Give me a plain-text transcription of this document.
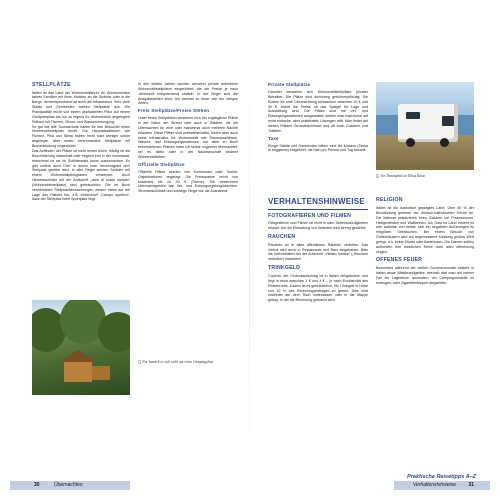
STELLPLÄTZE

Italien ist das Land der Wohnmobilfahrer. An Wochenenden fahren Familien mit ihren Mobilen an die Strände oder in die Berge, dementsprechend ist auch die Infrastruktur. Sehr viele Städte und Gemeinden weisen Stellplätze aus. Die Platzqualität reicht von einem asphaltierten Platz auf einem Großparkplatz bis hin zu eigens für Wohnmobile angelegten Plätzen mit Tischen, Strom- und Wasserversorgung.

So gut wie alle Touristenorte halten für ihre Besucher einen Wohnmobilstellplatz bereit. Die Hauptattraktionen wie Florenz, Pisa und Siena haben mehr oder weniger schon angelegte, aber relativ zentrumsnahe Stellplätze mit Busverbindung eingerichtet.

Das Auffinden der Plätze ist nicht immer leicht. Häufig ist die Beschilderung lückenhaft oder beginnt erst in der Innenstadt, manchmal ist sie im Schilderwald kaum auszumachen. Es gibt zudem auch Orte, in denen man hervorragend zum Stellplatz geleitet wird. In aller Regel werden Schilder mit einem Wohnmobilpiktogramm verwendet. Auch Hinweisschilder mit der Aufschrift „aree di sosta camper“ (Wohnmobilstellplatz) sind gebräuchlich. Die im Buch verwendeten Stellplatzbezeichnungen weisen meist auf die Lage des Platzes hin, z.B. bezeichnet „Campo sportivo“, dass der Stellplatz beim Sportplatz liegt.

In den letzten Jahren wurden vermehrt private betriebene Wohnmobilstellplätze eingerichtet, die die Preise je nach Jahreszeit entsprechend staffeln. In der Regel sind die Ausgabestellen zwei- bis dreimal so teuer wie die übrigen Zeiten.

Freie Stellplätze/Freies Stehen

Unter freien Stellplätzen verstehen sich frei zugängliche Plätze in der Natur, am Strand oder auch in Städten, die ein Übernachten für eine oder manchmal auch mehrere Nächte erlauben. Diese Plätze sind unbewirtschaftet, bieten aber auch keine Infrastruktur für Wohnmobile wie Stromanschlüsse, Wasser- und Entsorgungsstationen. Auf allen im Buch beschriebenen Plätzen habe ich selbst ungestört übernachtet, sei es allein oder in der Nachbarschaft anderer Wohnmobilfahrer.

Offizielle Stellplätze

Offizielle Plätze wurden von Kommunen oder Tourist-Organisationen angelegt. Die Preisspanne reicht von kostenlos bis zu 20 € (Sterne). Sie bezeichnen Übernachtgebühr wie Ver- und Entsorgungsmöglichkeiten, Stromanschlüsse und sonstige Dinge wie die Ausnahme.

▢ Nur handelt es sich wohl um einen Campingplatz
30	Übernachten
Private Stellplätze

Darunter verstehen sich Wohnmobilstellplätze privater Betreiber. Die Plätze sind durchweg gebührenpflichtig. Die Kosten für eine Übernachtung schwanken zwischen 10 € und 30 €, wobei die Preise oft das Spiegel für Lage und Ausstattung sind. Die Plätze sind mit Ver- und Entsorgungsstationen ausgestattet, sieben man manchmal auf recht einfache, aber praktikable Lösungen trifft. Man findet auf diesen Plätzen Stromanschlüsse und oft auch Duschen und Toiletten.

Taxe

Einige Städte und Gemeinden haben eine Art Kurtaxe (Tassa di soggiorno) eingeführt, die man pro Person und Tag bezahlt.

▢ Vor Traumplatz an Elbas Küste
VERHALTENSHINWEISE
FOTOGRAFIEREN UND FILMEN

Fotografieren und Filmen ist nicht in allen Sehenswürdigkeiten erlaubt. Auf die Einhaltung von Verboten wird streng geachtet.

RAUCHEN

Rauchen ist in allen öffentlichen Räumen verboten. Das Verbot wird auch in Restaurants und Bars eingehalten. Bitte die Verbotstafeln mit der Aufschrift „Vietato fumare“ („Rauchen verboten“) beachten!

TRINKGELD

Coperto, der Gedeckaufschlag ist in Italien obligatorisch und liegt in etwa zwischen 1 € und 4 € – je nach Exklusivität des Restaurants. Zudem ist es gebräuchlich, ein Trinkgeld in Höhe von 10 % des Rechnungsbetrages zu geben. Dies wird entweder auf dem Tisch hinterlassen oder in die Mappe gelegt, in der die Rechnung gebracht wird.

RELIGION

Italien ist ein katholisch geprägtes Land. Über 80 % der Bevölkerung gehören der römisch-katholischen Kirche an. Die Italiener praktizieren ihren Glauben bei Prozessionen, Heiligenfesten und Wallfahrten. Als Gast im Land ersieht es sich natürlich von selbst, sich bei negativen Äußerungen zu religiösen Gebräuchen, Bei einem Besuch von Gotteshäusern wird auf angemessene Kleidung großen Wert gelegt, d.h. keine Shorts oder Badehosen. Die Damen sollten außerdem ihre weiblichen Reize nicht allzu offenherzig zeigen.

OFFENES FEUER

Besonders während der heißen Sommermonate besteht in Italien akute Waldbrandgefahr, deshalb darf man auf keinen Fall ein Lagerfeuer anzünden, um Campingromantik zu erzeugen, oder Zigarettenkippen wegwerfen.

Praktische Reisetipps A–Z
Verhaltenshinweise 31
